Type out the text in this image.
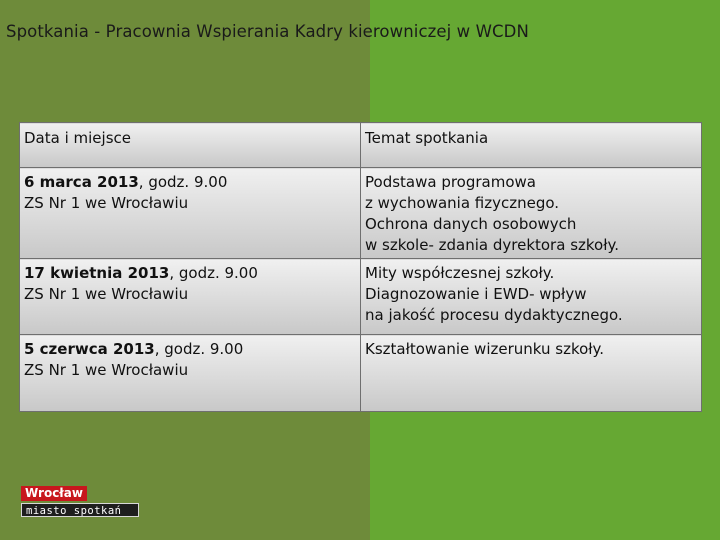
Spotkania - Pracownia Wspierania Kadry kierowniczej w WCDN
Data i miejsce	Temat spotkania

6 marca 2013, godz. 9.00
ZS Nr 1 we Wrocławiu	Podstawa programowa
z wychowania fizycznego.
Ochrona danych osobowych
w szkole- zdania dyrektora szkoły.

17 kwietnia 2013, godz. 9.00
ZS Nr 1 we Wrocławiu	Mity współczesnej szkoły.
Diagnozowanie i EWD- wpływ
na jakość procesu dydaktycznego.

5 czerwca 2013, godz. 9.00
ZS Nr 1 we Wrocławiu	Kształtowanie wizerunku szkoły.
Wrocław
miasto spotkań
